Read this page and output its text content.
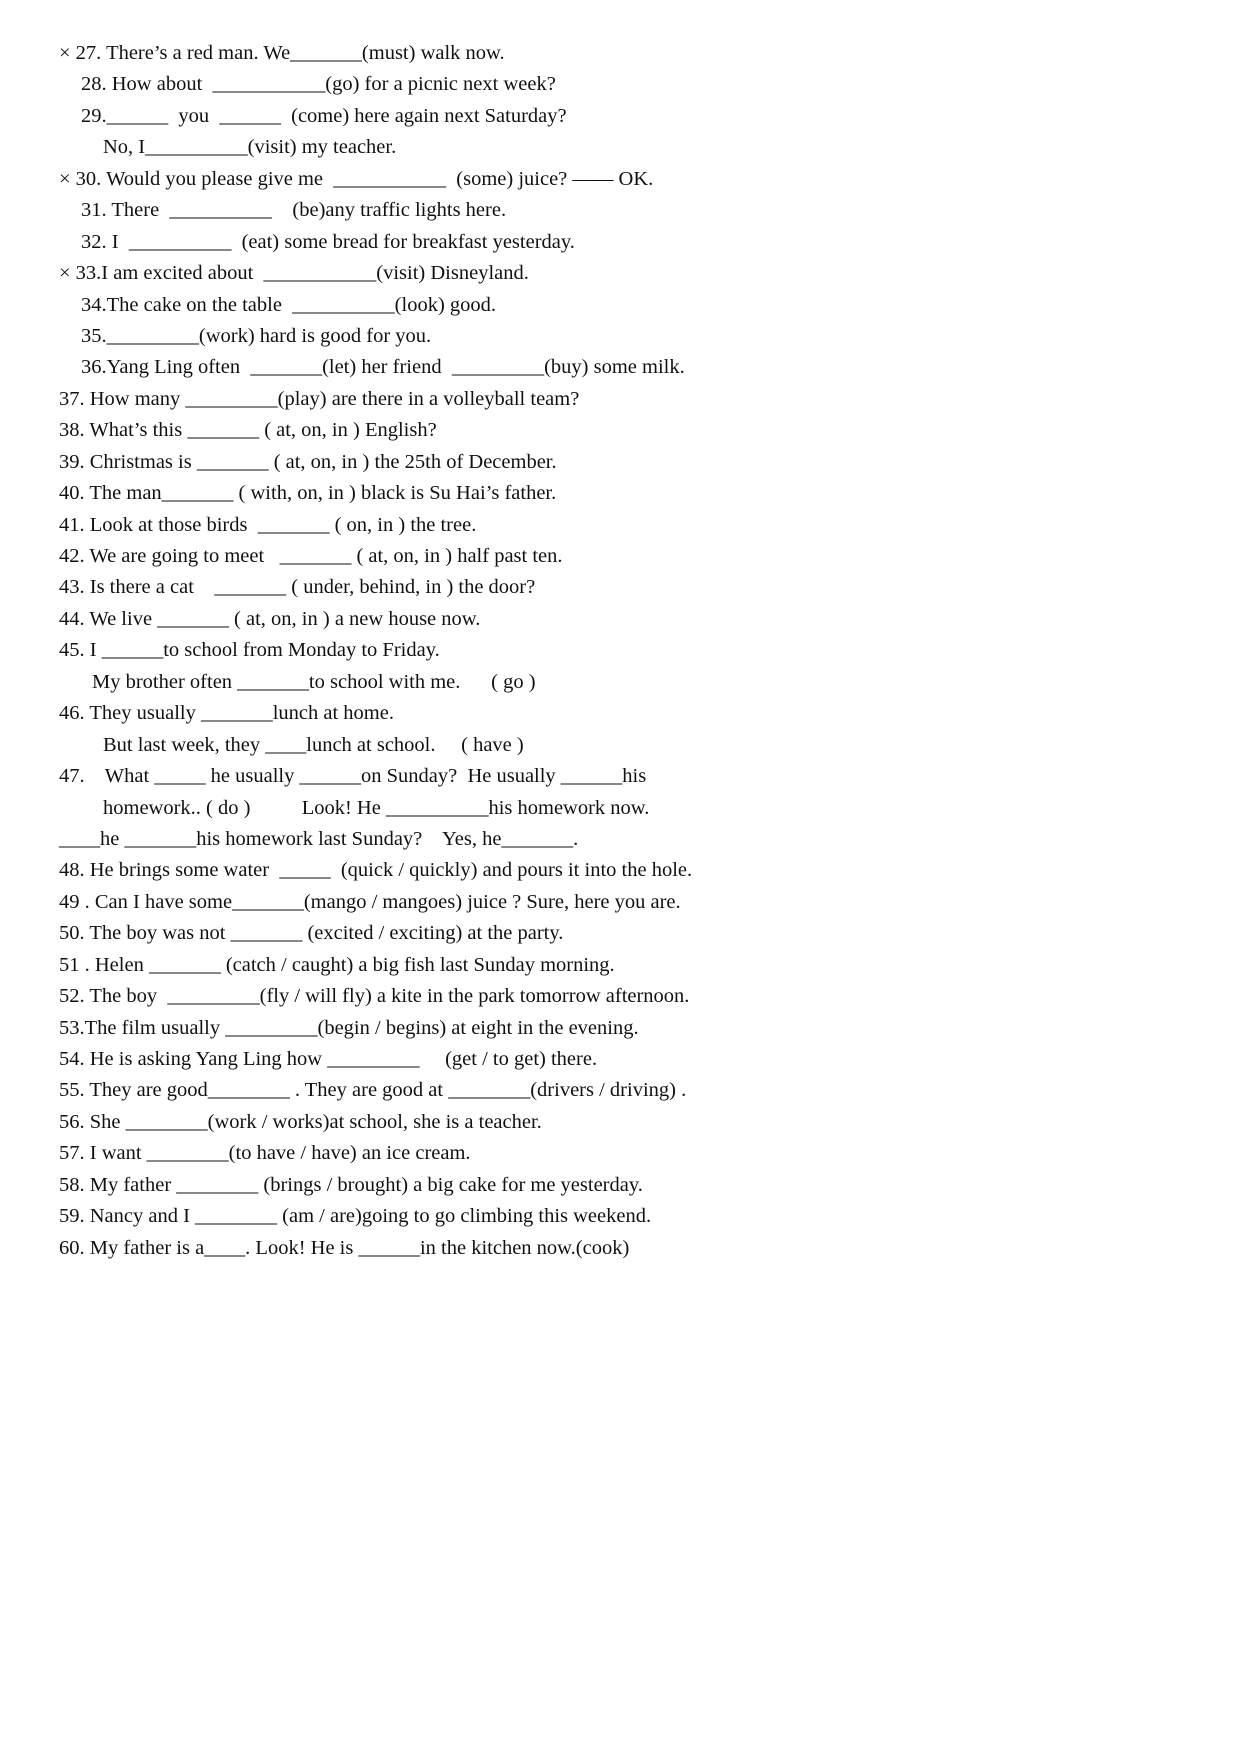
× 27. There’s a red man. We_______(must) walk now.
28. How about  ___________(go) for a picnic next week?
29.______  you  ______  (come) here again next Saturday?
No, I__________(visit) my teacher.
× 30. Would you please give me  ___________  (some) juice? —— OK.
31. There  __________    (be)any traffic lights here.
32. I  __________  (eat) some bread for breakfast yesterday.
× 33.I am excited about  ___________(visit) Disneyland.
34.The cake on the table  __________(look) good.
35._________(work) hard is good for you.
36.Yang Ling often  _______(let) her friend  _________(buy) some milk.
37. How many _________(play) are there in a volleyball team?
38. What’s this _______ ( at, on, in ) English?
39. Christmas is _______ ( at, on, in ) the 25th of December.
40. The man_______ ( with, on, in ) black is Su Hai’s father.
41. Look at those birds  _______ ( on, in ) the tree.
42. We are going to meet   _______ ( at, on, in ) half past ten.
43. Is there a cat    _______ ( under, behind, in ) the door?
44. We live _______ ( at, on, in ) a new house now.
45. I ______to school from Monday to Friday.
My brother often _______to school with me.      ( go )
46. They usually _______lunch at home.
But last week, they ____lunch at school.     ( have )
47.    What _____ he usually ______on Sunday?  He usually ______his
homework.. ( do )          Look! He __________his homework now.
____he _______his homework last Sunday?    Yes, he_______.
48. He brings some water  _____  (quick / quickly) and pours it into the hole.
49 . Can I have some_______(mango / mangoes) juice ? Sure, here you are.
50. The boy was not _______ (excited / exciting) at the party.
51 . Helen _______ (catch / caught) a big fish last Sunday morning.
52. The boy  _________(fly / will fly) a kite in the park tomorrow afternoon.
53.The film usually _________(begin / begins) at eight in the evening.
54. He is asking Yang Ling how _________     (get / to get) there.
55. They are good________ . They are good at ________(drivers / driving) .
56. She ________(work / works)at school, she is a teacher.
57. I want ________(to have / have) an ice cream.
58. My father ________ (brings / brought) a big cake for me yesterday.
59. Nancy and I ________ (am / are)going to go climbing this weekend.
60. My father is a____. Look! He is ______in the kitchen now.(cook)
